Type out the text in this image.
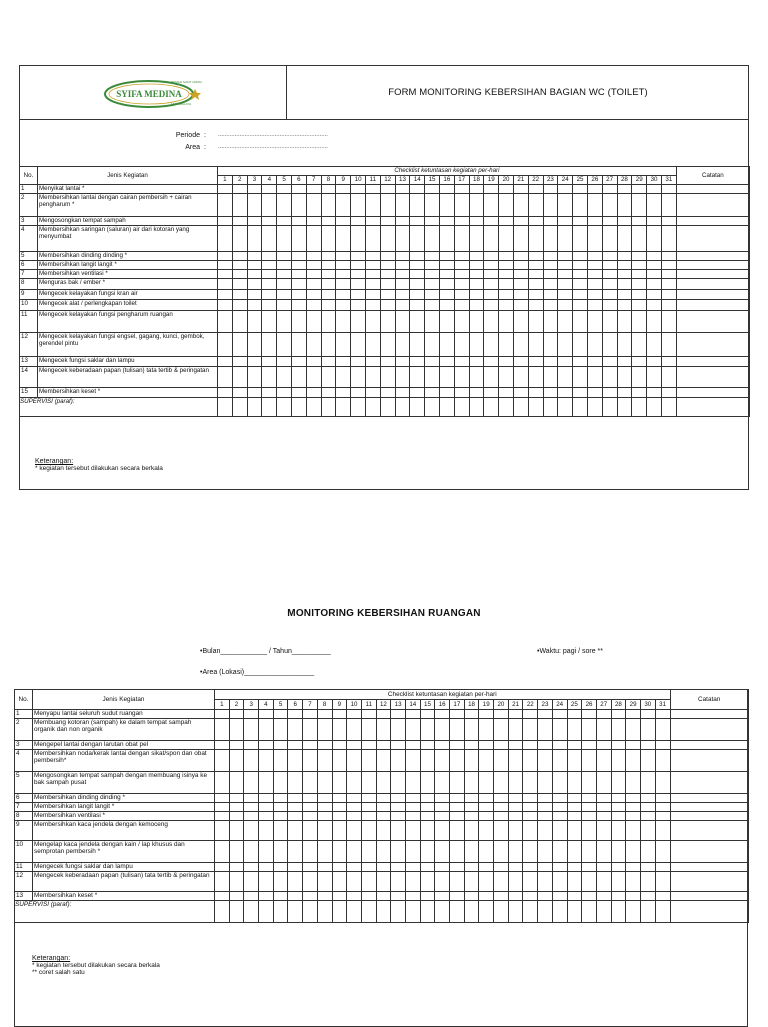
RUMAH SAKIT UMUM
SYIFA MEDINA
TASIKMALAYA
FORM MONITORING KEBERSIHAN BAGIAN WC (TOILET)
Periode : ..................................................................
Area : ..................................................................
No.	Jenis Kegiatan	Checklist ketuntasan kegiatan per-hari																															Catatan
		1	2	3	4	5	6	7	8	9	10	11	12	13	14	15	16	17	18	19	20	21	22	23	24	25	26	27	28	29	30	31	
1	Menyikat lantai *																																
2	Membersihkan lantai dengan cairan pembersih + cairan pengharum *																																
3	Mengosongkan tempat sampah																																
4	Membersihkan saringan (saluran) air dari kotoran yang menyumbat																																
5	Membersihkan dinding dinding *																																
6	Membersihkan langit langit *																																
7	Membersihkan ventilasi *																																
8	Menguras bak / ember *																																
9	Mengecek kelayakan fungsi kran air																																
10	Mengecek alat / perlengkapan toilet																																
11	Mengecek kelayakan fungsi pengharum ruangan																																
12	Mengecek kelayakan fungsi engsel, gagang, kunci, gembok, gerendel pintu																																
13	Mengecek fungsi saklar dan lampu																																
14	Mengecek keberadaan papan (tulisan) tata tertib & peringatan																																
15	Membersihkan keset *																																
SUPERVISI (paraf):																																	
Keterangan:
* kegiatan tersebut dilakukan secara berkala
MONITORING KEBERSIHAN RUANGAN
•Bulan____________ / Tahun__________	•Waktu: pagi / sore **
•Area (Lokasi)__________________
No.	Jenis Kegiatan	Checklist ketuntasan kegiatan per-hari																															Catatan
		1	2	3	4	5	6	7	8	9	10	11	12	13	14	15	16	17	18	19	20	21	22	23	24	25	26	27	28	29	30	31	
1	Menyapu lantai seluruh sudut ruangan																																
2	Membuang kotoran (sampah) ke dalam tempat sampah organik dan non organik																																
3	Mengepel lantai dengan larutan obat pel																																
4	Membersihkan noda/kerak lantai dengan sikat/spon dan obat pembersih*																																
5	Mengosongkan tempat sampah dengan membuang isinya ke bak sampah pusat																																
6	Membersihkan dinding dinding *																																
7	Membersihkan langit langit *																																
8	Membersihkan ventilasi *																																
9	Membersihkan kaca jendela dengan kemoceng																																
10	Mengelap kaca jendela dengan kain / lap khusus dan semprotan pembersih *																																
11	Mengecek fungsi saklar dan lampu																																
12	Mengecek keberadaan papan (tulisan) tata tertib & peringatan																																
13	Membersihkan keset *																																
SUPERVISI (paraf):																																	
Keterangan:
* kegiatan tersebut dilakukan secara berkala
** coret salah satu
